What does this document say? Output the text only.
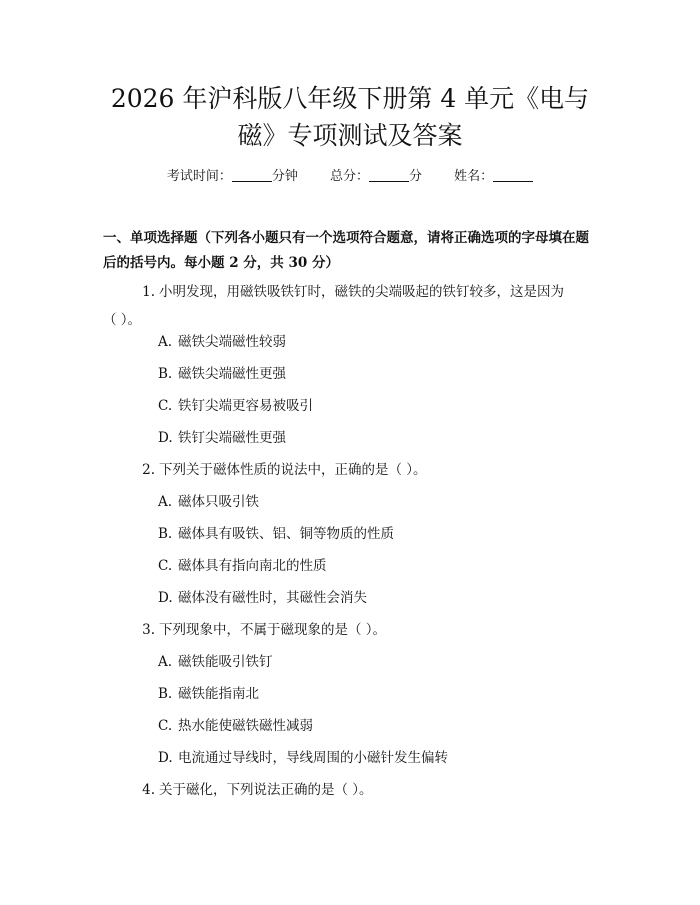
2026 年沪科版八年级下册第 4 单元《电与
磁》专项测试及答案
考试时间：	分钟 总分：	分 姓名：

一、单项选择题（下列各小题只有一个选项符合题意，请将正确选项的字母填在题后的括号内。每小题 2 分，共 30 分）

1. 小明发现，用磁铁吸铁钉时，磁铁的尖端吸起的铁钉较多，这是因为
（ ）。

A. 磁铁尖端磁性较弱
B. 磁铁尖端磁性更强
C. 铁钉尖端更容易被吸引
D. 铁钉尖端磁性更强

2. 下列关于磁体性质的说法中，正确的是（ ）。

A. 磁体只吸引铁
B. 磁体具有吸铁、铝、铜等物质的性质
C. 磁体具有指向南北的性质
D. 磁体没有磁性时，其磁性会消失

3. 下列现象中，不属于磁现象的是（ ）。

A. 磁铁能吸引铁钉
B. 磁铁能指南北
C. 热水能使磁铁磁性减弱
D. 电流通过导线时，导线周围的小磁针发生偏转

4. 关于磁化，下列说法正确的是（ ）。
